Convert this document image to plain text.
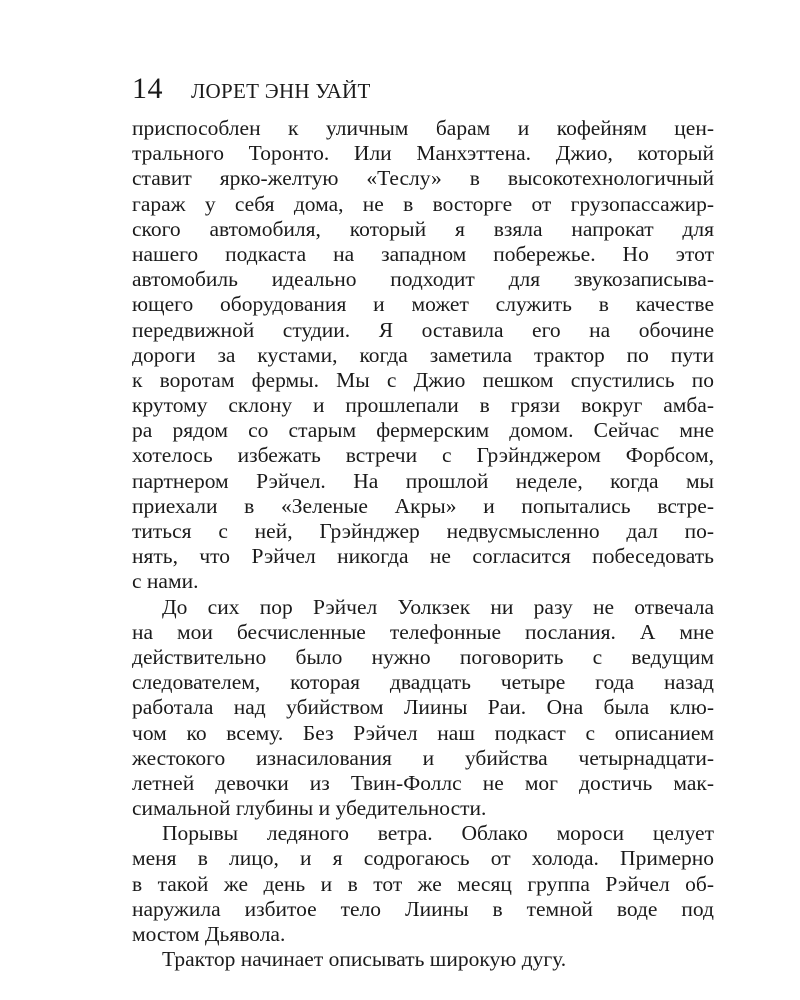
14 ЛОРЕТ ЭНН УАЙТ
приспособлен к уличным барам и кофейням цен-
трального Торонто. Или Манхэттена. Джио, который
ставит ярко-желтую «Теслу» в высокотехнологичный
гараж у себя дома, не в восторге от грузопассажир-
ского автомобиля, который я взяла напрокат для
нашего подкаста на западном побережье. Но этот
автомобиль идеально подходит для звукозаписыва-
ющего оборудования и может служить в качестве
передвижной студии. Я оставила его на обочине
дороги за кустами, когда заметила трактор по пути
к воротам фермы. Мы с Джио пешком спустились по
крутому склону и прошлепали в грязи вокруг амба-
ра рядом со старым фермерским домом. Сейчас мне
хотелось избежать встречи с Грэйнджером Форбсом,
партнером Рэйчел. На прошлой неделе, когда мы
приехали в «Зеленые Акры» и попытались встре-
титься с ней, Грэйнджер недвусмысленно дал по-
нять, что Рэйчел никогда не согласится побеседовать
с нами.
До сих пор Рэйчел Уолкзек ни разу не отвечала
на мои бесчисленные телефонные послания. А мне
действительно было нужно поговорить с ведущим
следователем, которая двадцать четыре года назад
работала над убийством Лиины Раи. Она была клю-
чом ко всему. Без Рэйчел наш подкаст с описанием
жестокого изнасилования и убийства четырнадцати-
летней девочки из Твин-Фоллс не мог достичь мак-
симальной глубины и убедительности.
Порывы ледяного ветра. Облако мороси целует
меня в лицо, и я содрогаюсь от холода. Примерно
в такой же день и в тот же месяц группа Рэйчел об-
наружила избитое тело Лиины в темной воде под
мостом Дьявола.
Трактор начинает описывать широкую дугу.
